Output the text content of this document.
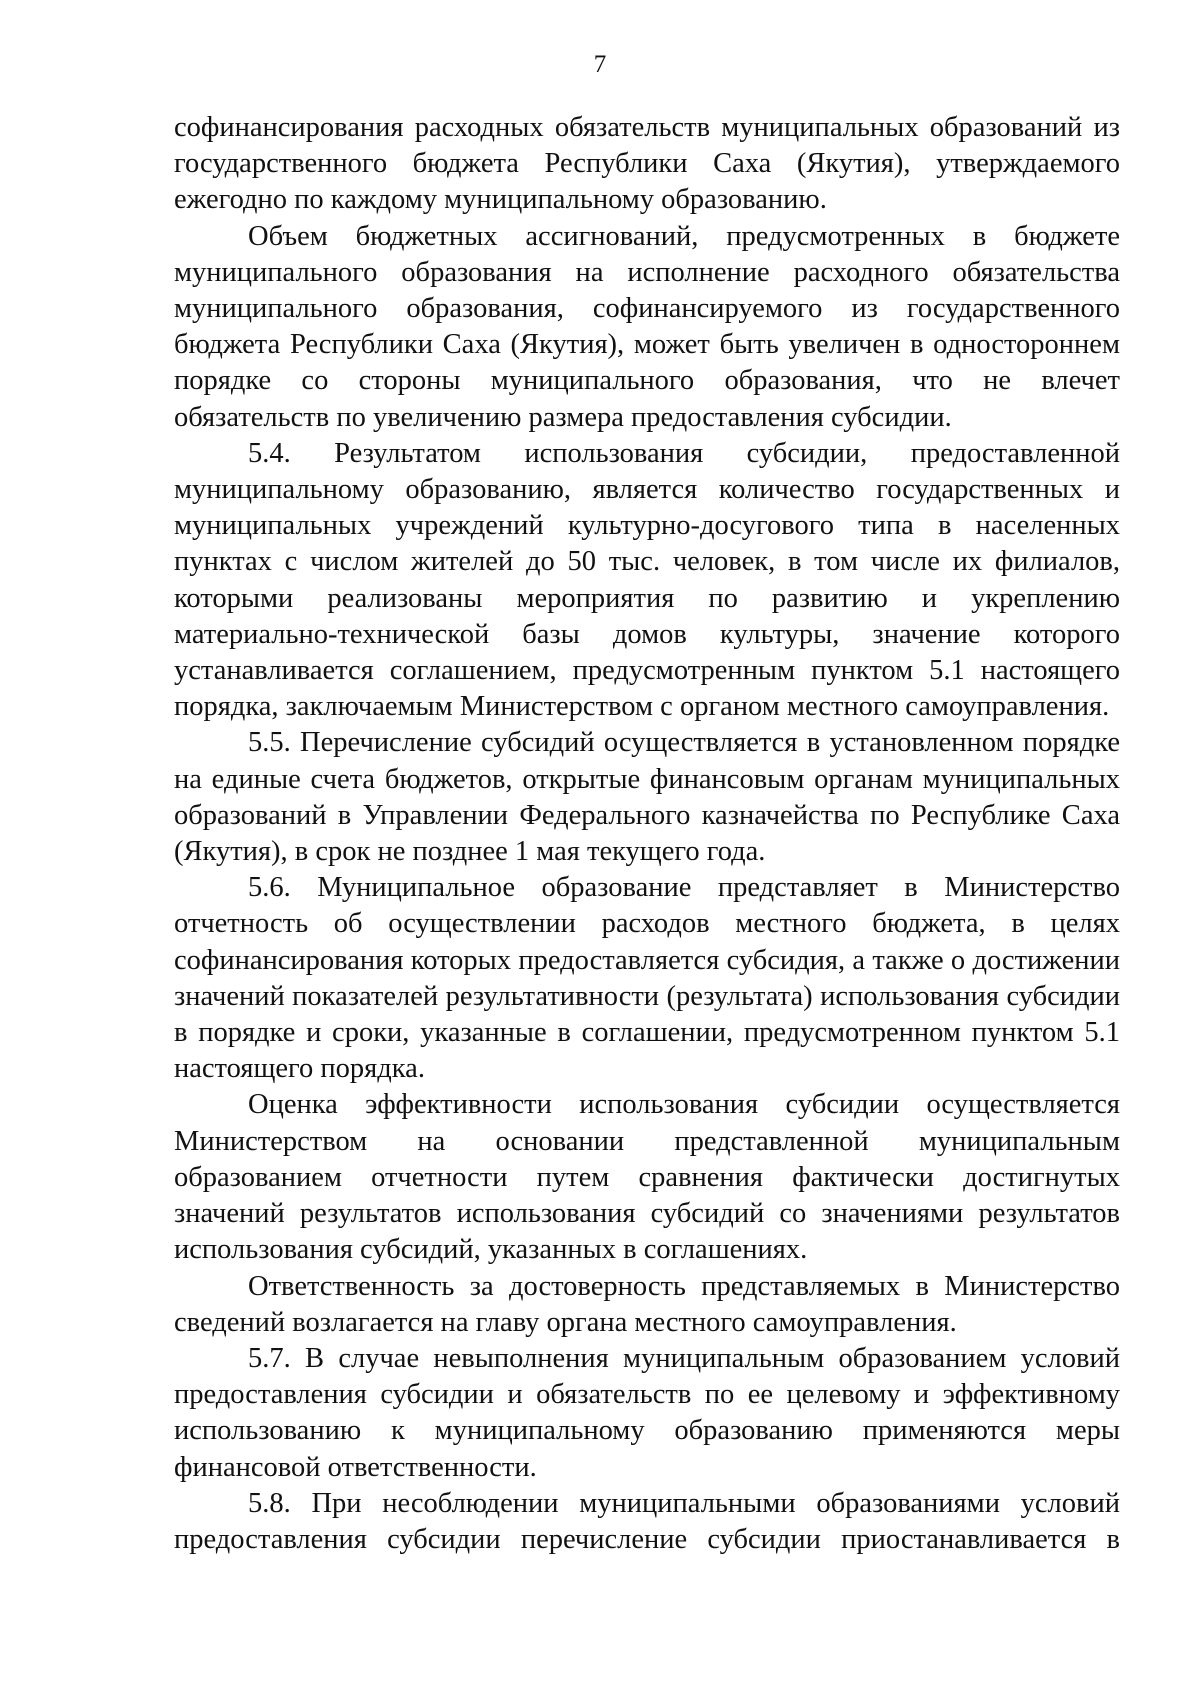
7

софинансирования расходных обязательств муниципальных образований из государственного бюджета Республики Саха (Якутия), утверждаемого ежегодно по каждому муниципальному образованию.

Объем бюджетных ассигнований, предусмотренных в бюджете муниципального образования на исполнение расходного обязательства муниципального образования, софинансируемого из государственного бюджета Республики Саха (Якутия), может быть увеличен в одностороннем порядке со стороны муниципального образования, что не влечет обязательств по увеличению размера предоставления субсидии.

5.4. Результатом использования субсидии, предоставленной муниципальному образованию, является количество государственных и муниципальных учреждений культурно-досугового типа в населенных пунктах с числом жителей до 50 тыс. человек, в том числе их филиалов, которыми реализованы мероприятия по развитию и укреплению материально-технической базы домов культуры, значение которого устанавливается соглашением, предусмотренным пунктом 5.1 настоящего порядка, заключаемым Министерством с органом местного самоуправления.

5.5. Перечисление субсидий осуществляется в установленном порядке на единые счета бюджетов, открытые финансовым органам муниципальных образований в Управлении Федерального казначейства по Республике Саха (Якутия), в срок не позднее 1 мая текущего года.

5.6. Муниципальное образование представляет в Министерство отчетность об осуществлении расходов местного бюджета, в целях софинансирования которых предоставляется субсидия, а также о достижении значений показателей результативности (результата) использования субсидии в порядке и сроки, указанные в соглашении, предусмотренном пунктом 5.1 настоящего порядка.

Оценка эффективности использования субсидии осуществляется Министерством на основании представленной муниципальным образованием отчетности путем сравнения фактически достигнутых значений результатов использования субсидий со значениями результатов использования субсидий, указанных в соглашениях.

Ответственность за достоверность представляемых в Министерство сведений возлагается на главу органа местного самоуправления.

5.7. В случае невыполнения муниципальным образованием условий предоставления субсидии и обязательств по ее целевому и эффективному использованию к муниципальному образованию применяются меры финансовой ответственности.

5.8. При несоблюдении муниципальными образованиями условий предоставления субсидии перечисление субсидии приостанавливается в
